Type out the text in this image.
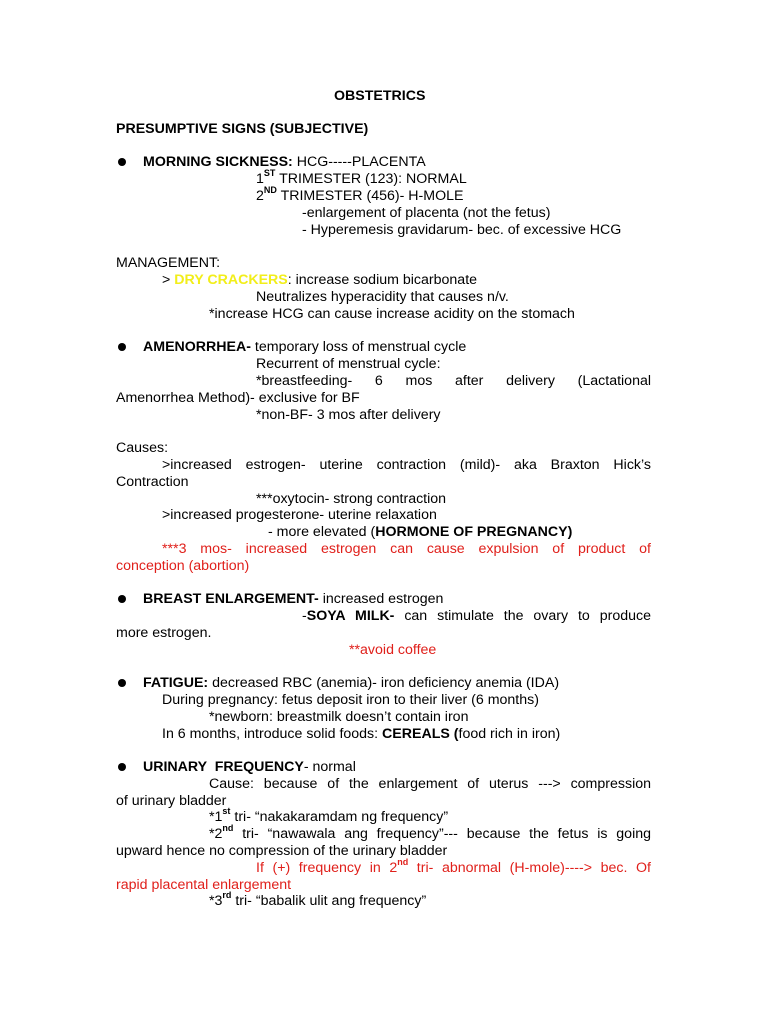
OBSTETRICS
PRESUMPTIVE SIGNS (SUBJECTIVE)
MORNING SICKNESS: HCG-----PLACENTA
1ST TRIMESTER (123): NORMAL
2ND TRIMESTER (456)- H-MOLE
-enlargement of placenta (not the fetus)
- Hyperemesis gravidarum- bec. of excessive HCG
MANAGEMENT:
> DRY CRACKERS: increase sodium bicarbonate
Neutralizes hyperacidity that causes n/v.
*increase HCG can cause increase acidity on the stomach
AMENORRHEA- temporary loss of menstrual cycle
Recurrent of menstrual cycle:
*breastfeeding- 6 mos after delivery (Lactational
Amenorrhea Method)- exclusive for BF
*non-BF- 3 mos after delivery
Causes:
>increased estrogen- uterine contraction (mild)- aka Braxton Hick’s
Contraction
***oxytocin- strong contraction
>increased progesterone- uterine relaxation
- more elevated (HORMONE OF PREGNANCY)
***3 mos- increased estrogen can cause expulsion of product of
conception (abortion)
BREAST ENLARGEMENT- increased estrogen
-SOYA MILK- can stimulate the ovary to produce
more estrogen.
**avoid coffee
FATIGUE: decreased RBC (anemia)- iron deficiency anemia (IDA)
During pregnancy: fetus deposit iron to their liver (6 months)
*newborn: breastmilk doesn’t contain iron
In 6 months, introduce solid foods: CEREALS (food rich in iron)
URINARY  FREQUENCY- normal
Cause: because of the enlargement of uterus ---> compression
of urinary bladder
*1st tri- “nakakaramdam ng frequency”
*2nd tri- “nawawala ang frequency”--- because the fetus is going
upward hence no compression of the urinary bladder
If (+) frequency in 2nd tri- abnormal (H-mole)----> bec. Of
rapid placental enlargement
*3rd tri- “babalik ulit ang frequency”
